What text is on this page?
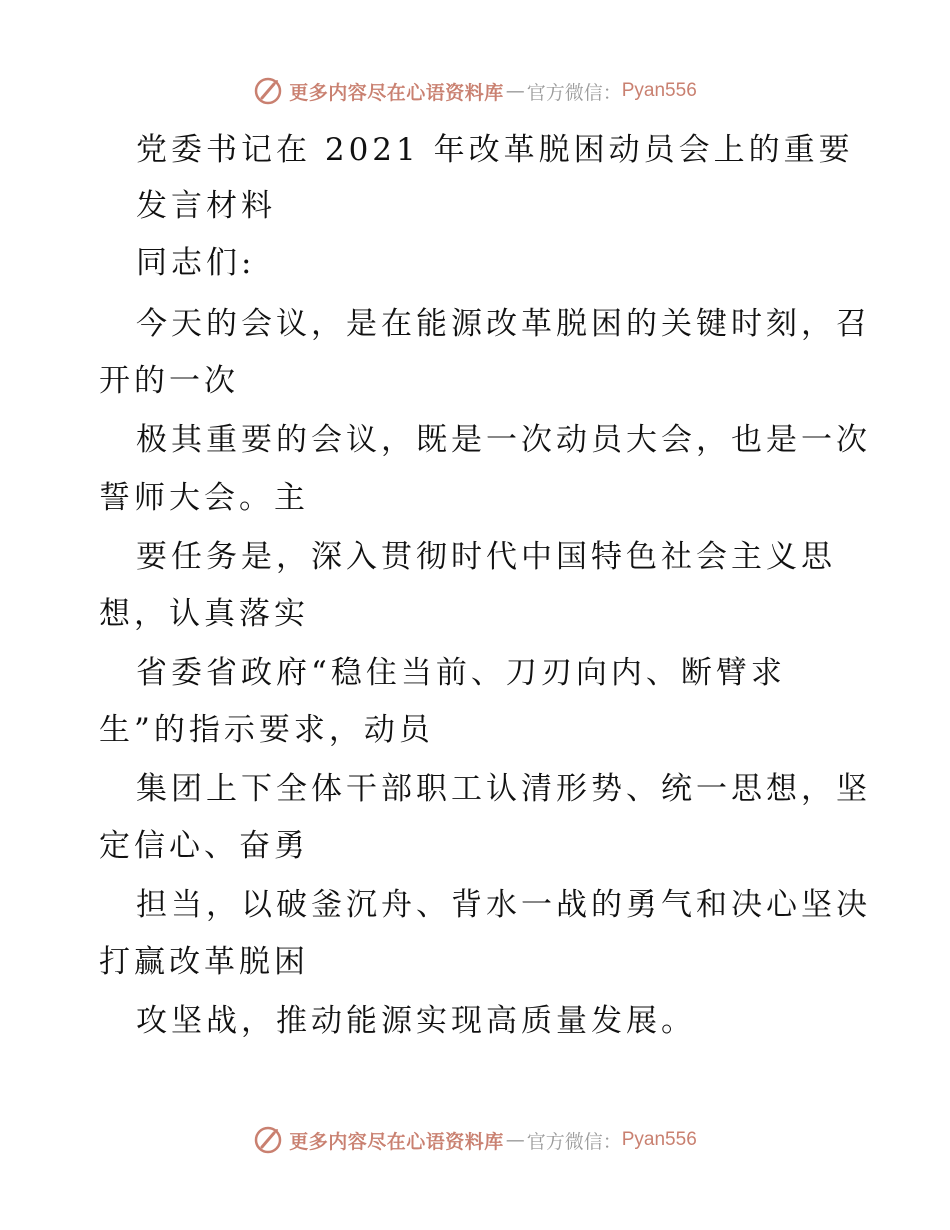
更多内容尽在心语资料库 — 官方微信： Pyan556
党委书记在 2021 年改革脱困动员会上的重要
发言材料
同志们:
今天的会议，是在能源改革脱困的关键时刻，召
开的一次
极其重要的会议，既是一次动员大会，也是一次
誓师大会。主
要任务是，深入贯彻时代中国特色社会主义思
想，认真落实
省委省政府“稳住当前、刀刃向内、断臂求
生”的指示要求，动员
集团上下全体干部职工认清形势、统一思想，坚
定信心、奋勇
担当，以破釜沉舟、背水一战的勇气和决心坚决
打赢改革脱困
攻坚战，推动能源实现高质量发展。
更多内容尽在心语资料库 — 官方微信： Pyan556
